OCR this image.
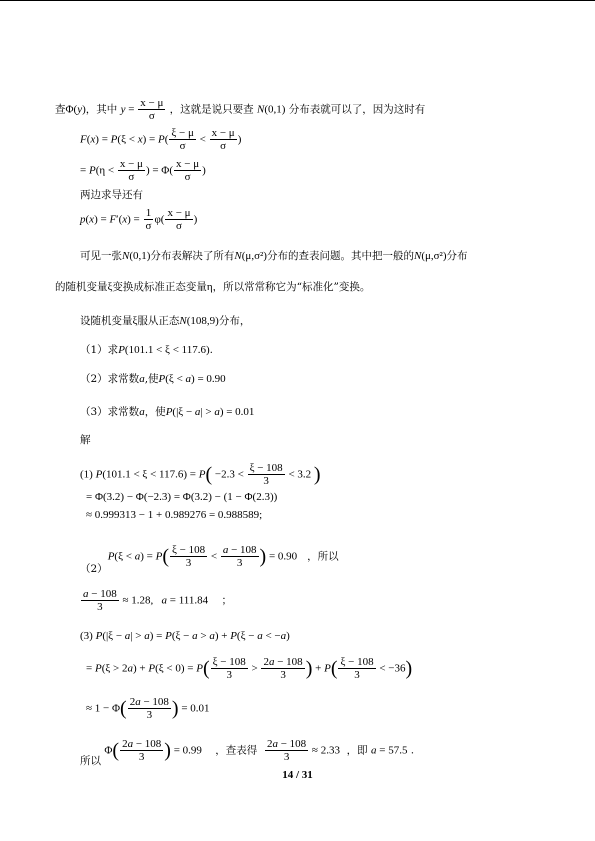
查Φ(y)，其中 $y = \frac{x - \mu}{\sigma}$ ，这就是说只要查 N(0,1) 分布表就可以了，因为这时有
$F(x) = P(\xi < x) = P( \frac{\xi - \mu}{\sigma} < \frac{x - \mu}{\sigma}$ )
= $P(\eta < \frac{x - \mu}{\sigma}$ ) = $\Phi( \frac{x - \mu}{\sigma}$ )
两边求导还有
$p(x) = F'(x) = \frac{1}{\sigma} \varphi( \frac{x - \mu}{\sigma}$ )
可见一张N(0,1)分布表解决了所有N(μ,σ²)分布的查表问题。其中把一般的N(μ,σ²)分布
的随机变量ξ变换成标准正态变量η，所以常常称它为“标准化”变换。
设随机变量ξ服从正态N(108,9)分布，
（1）求P(101.1 < ξ < 117.6).
（2）求常数a,使P(ξ < a) = 0.90
（3）求常数a，使P(|ξ − a| > a) = 0.01
解
(1) $P(101.1 < \xi < 117.6) = P( -2.3 < \frac{\xi - 108}{3} < 3.2$ )
= Φ(3.2) − Φ(−2.3) = Φ(3.2) − (1 − Φ(2.3))
≈ 0.999313 − 1 + 0.989276 = 0.988589;
$(2)P(\xi < a) = P( \frac{\xi - 108}{3} < \frac{a - 108}{3}$ ) = 0.90   ，所以
$\frac{a - 108}{3} \approx 1.28$,   a = 111.84    ；
(3) P(|ξ − a| > a) = P(ξ − a > a) + P(ξ − a < −a)
= $P(\xi > 2a) + P(\xi < 0) = P( \frac{\xi - 108}{3} > \frac{2a - 108}{3}$ ) + $P( \frac{\xi - 108}{3} < -36)$
≈ $1 - \Phi( \frac{2a - 108}{3}$ ) = 0.01
所以 $\Phi( \frac{2a - 108}{3}$ ) = 0.99    ，查表得 $\frac{2a - 108}{3} \approx 2.33$  ，即 a = 57.5 .
14 / 31
